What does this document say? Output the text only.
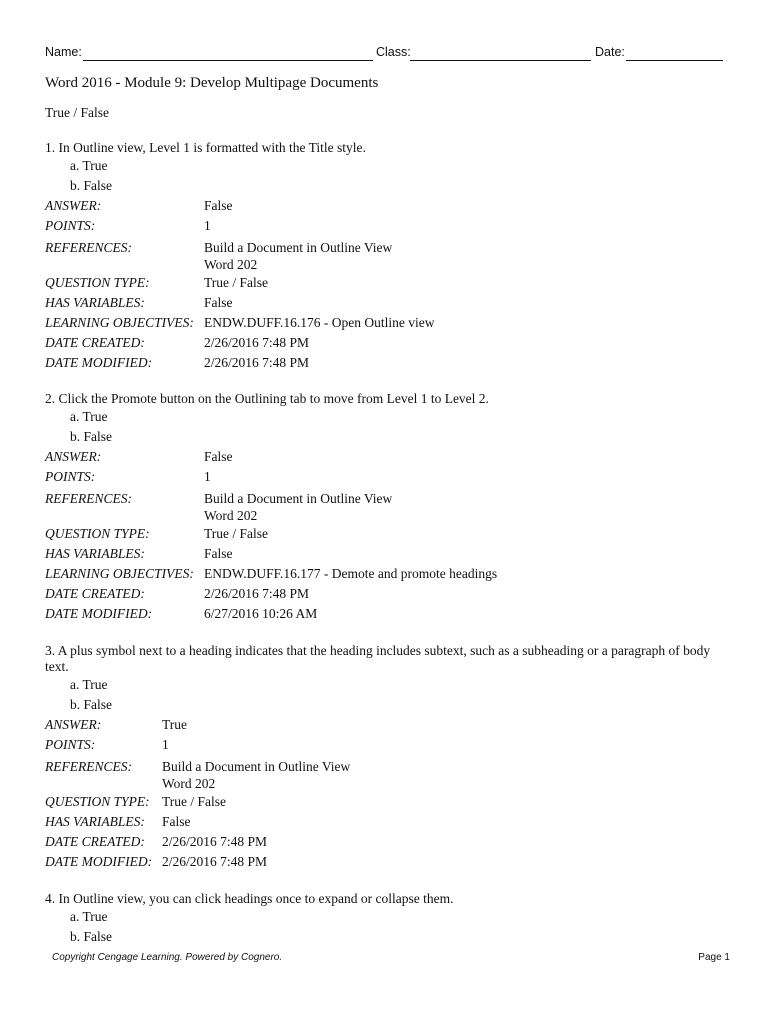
Name:	Class:	Date:
Word 2016 - Module 9: Develop Multipage Documents
True / False
1. In Outline view, Level 1 is formatted with the Title style.
a. True
b. False
ANSWER:	False
POINTS:	1
REFERENCES:	Build a Document in Outline View
Word 202
QUESTION TYPE:	True / False
HAS VARIABLES:	False
LEARNING OBJECTIVES: ENDW.DUFF.16.176 - Open Outline view
DATE CREATED:	2/26/2016 7:48 PM
DATE MODIFIED:	2/26/2016 7:48 PM
2. Click the Promote button on the Outlining tab to move from Level 1 to Level 2.
a. True
b. False
ANSWER:	False
POINTS:	1
REFERENCES:	Build a Document in Outline View
Word 202
QUESTION TYPE:	True / False
HAS VARIABLES:	False
LEARNING OBJECTIVES: ENDW.DUFF.16.177 - Demote and promote headings
DATE CREATED:	2/26/2016 7:48 PM
DATE MODIFIED:	6/27/2016 10:26 AM
3. A plus symbol next to a heading indicates that the heading includes subtext, such as a subheading or a paragraph of body text.
a. True
b. False
ANSWER:	True
POINTS:	1
REFERENCES:	Build a Document in Outline View
Word 202
QUESTION TYPE: True / False
HAS VARIABLES:	False
DATE CREATED:	2/26/2016 7:48 PM
DATE MODIFIED: 2/26/2016 7:48 PM
4. In Outline view, you can click headings once to expand or collapse them.
a. True
b. False
Copyright Cengage Learning. Powered by Cognero.	Page 1
